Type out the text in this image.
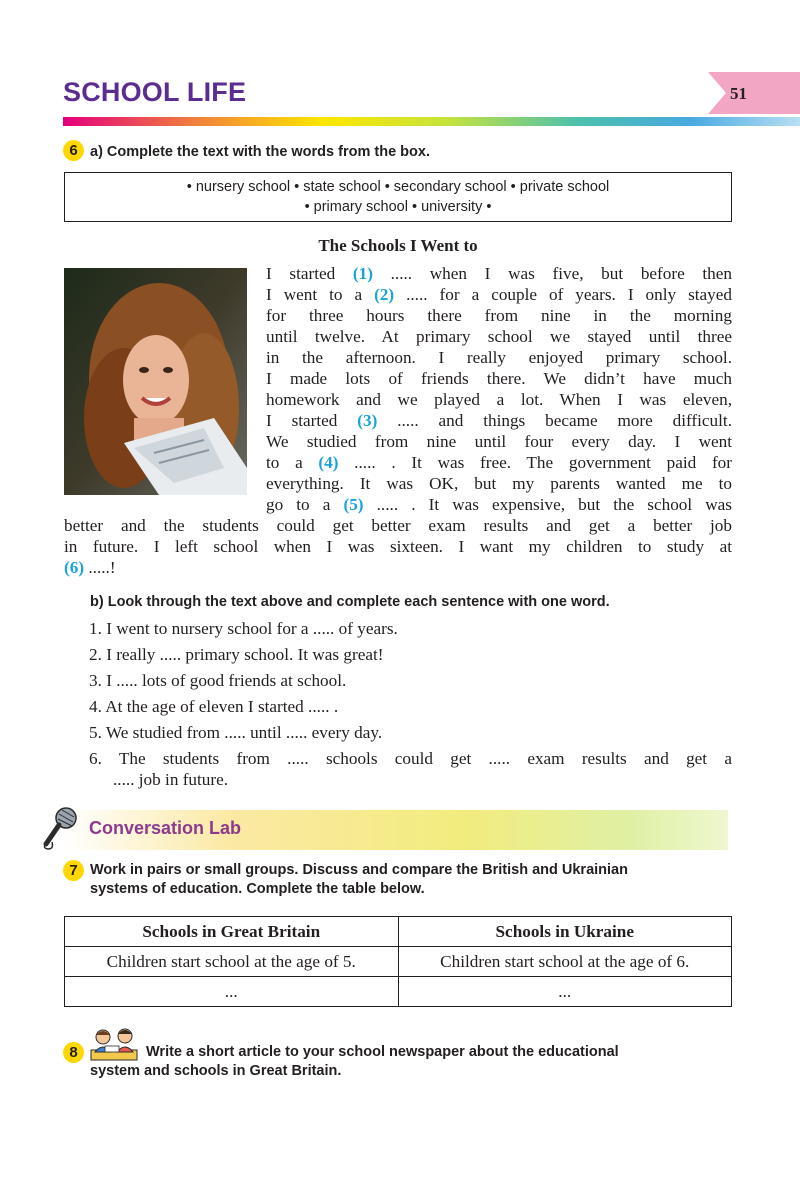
SCHOOL LIFE	51
6 a) Complete the text with the words from the box.
• nursery school • state school • secondary school • private school
• primary school • university •
The Schools I Went to
I started (1) ..... when I was five, but before then
I went to a (2) ..... for a couple of years. I only stayed
for three hours there from nine in the morning
until twelve. At primary school we stayed until three
in the afternoon. I really enjoyed primary school.
I made lots of friends there. We didn’t have much
homework and we played a lot. When I was eleven,
I started (3) ..... and things became more difficult.
We studied from nine until four every day. I went
to a (4) ..... . It was free. The government paid for
everything. It was OK, but my parents wanted me to
go to a (5) ..... . It was expensive, but the school was
better and the students could get better exam results and get a better job
in future. I left school when I was sixteen. I want my children to study at
(6) .....!
b) Look through the text above and complete each sentence with one word.
1. I went to nursery school for a ..... of years.
2. I really ..... primary school. It was great!
3. I ..... lots of good friends at school.
4. At the age of eleven I started ..... .
5. We studied from ..... until ..... every day.
6. The students from ..... schools could get ..... exam results and get a
..... job in future.
Conversation Lab
7 Work in pairs or small groups. Discuss and compare the British and Ukrainian
systems of education. Complete the table below.
Schools in Great Britain	Schools in Ukraine
Children start school at the age of 5.	Children start school at the age of 6.
...	...
8	Write a short article to your school newspaper about the educational
system and schools in Great Britain.
